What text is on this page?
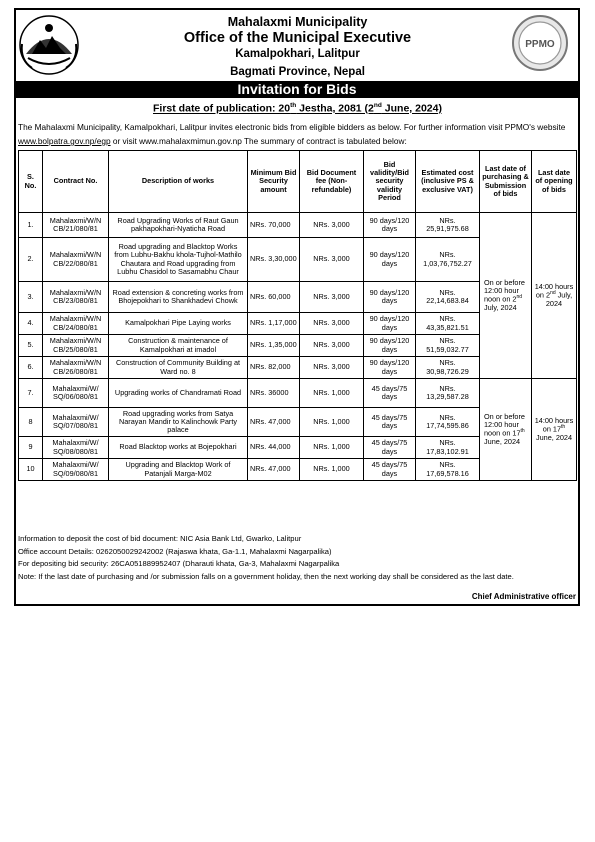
PPMO
Mahalaxmi Municipality
Office of the Municipal Executive
Kamalpokhari, Lalitpur
Bagmati Province, Nepal
Invitation for Bids
First date of publication: 20th Jestha, 2081 (2nd June, 2024)
The Mahalaxmi Municipality, Kamalpokhari, Lalitpur invites electronic bids from eligible bidders as below. For further information visit PPMO's website www.bolpatra.gov.np/egp or visit www.mahalaxmimun.gov.np The summary of contract is tabulated below:
S. No.	Contract No.	Description of works	Minimum Bid Security amount	Bid Document fee (Non-refundable)	Bid validity/Bid security validity Period	Estimated cost (inclusive PS & exclusive VAT)	Last date of purchasing & Submission of bids	Last date of opening of bids
1.	Mahalaxmi/W/N CB/21/080/81	Road Upgrading Works of Raut Gaun pakhapokhari-Nyaticha Road	NRs. 70,000	NRs. 3,000	90 days/120 days	NRs. 25,91,975.68	On or before 12:00 hour noon on 2nd July, 2024	14:00 hours on 2nd July, 2024
2.	Mahalaxmi/W/N CB/22/080/81	Road upgrading and Blacktop Works from Lubhu-Bakhu khola-Tujhol-Mathilo Chautara and Road upgrading from Lubhu Chasidol to Sasamabhu Chaur	NRs. 3,30,000	NRs. 3,000	90 days/120 days	NRs. 1,03,76,752.27		
3.	Mahalaxmi/W/N CB/23/080/81	Road extension & concreting works from Bhojepokhari to Shankhadevi Chowk	NRs. 60,000	NRs. 3,000	90 days/120 days	NRs. 22,14,683.84		
4.	Mahalaxmi/W/N CB/24/080/81	Kamalpokhari Pipe Laying works	NRs. 1,17,000	NRs. 3,000	90 days/120 days	NRs. 43,35,821.51		
5.	Mahalaxmi/W/N CB/25/080/81	Construction & maintenance of Kamalpokhari at imadol	NRs. 1,35,000	NRs. 3,000	90 days/120 days	NRs. 51,59,032.77		
6.	Mahalaxmi/W/N CB/26/080/81	Construction of Community Building at Ward no. 8	NRs. 82,000	NRs. 3,000	90 days/120 days	NRs. 30,98,726.29		
7.	Mahalaxmi/W/ SQ/06/080/81	Upgrading works of Chandramati Road	NRs. 36000	NRs. 1,000	45 days/75 days	NRs. 13,29,587.28	On or before 12:00 hour noon on 17th June, 2024	14:00 hours on 17th June, 2024
8	Mahalaxmi/W/ SQ/07/080/81	Road upgrading works from Satya Narayan Mandir to Kalinchowk Party palace	NRs. 47,000	NRs. 1,000	45 days/75 days	NRs. 17,74,595.86		
9	Mahalaxmi/W/ SQ/08/080/81	Road Blacktop works at Bojepokhari	NRs. 44,000	NRs. 1,000	45 days/75 days	NRs. 17,83,102.91		
10	Mahalaxmi/W/ SQ/09/080/81	Upgrading and Blacktop Work of Patanjali Marga-M02	NRs. 47,000	NRs. 1,000	45 days/75 days	NRs. 17,69,578.16		
Information to deposit the cost of bid document: NIC Asia Bank Ltd, Gwarko, Lalitpur
Office account Details: 0262050029242002 (Rajaswa khata, Ga-1.1, Mahalaxmi Nagarpalika)
For depositing bid security: 26CA051889952407 (Dharauti khata, Ga-3, Mahalaxmi Nagarpalika
Note: If the last date of purchasing and /or submission falls on a government holiday, then the next working day shall be considered as the last date.
Chief Administrative officer
